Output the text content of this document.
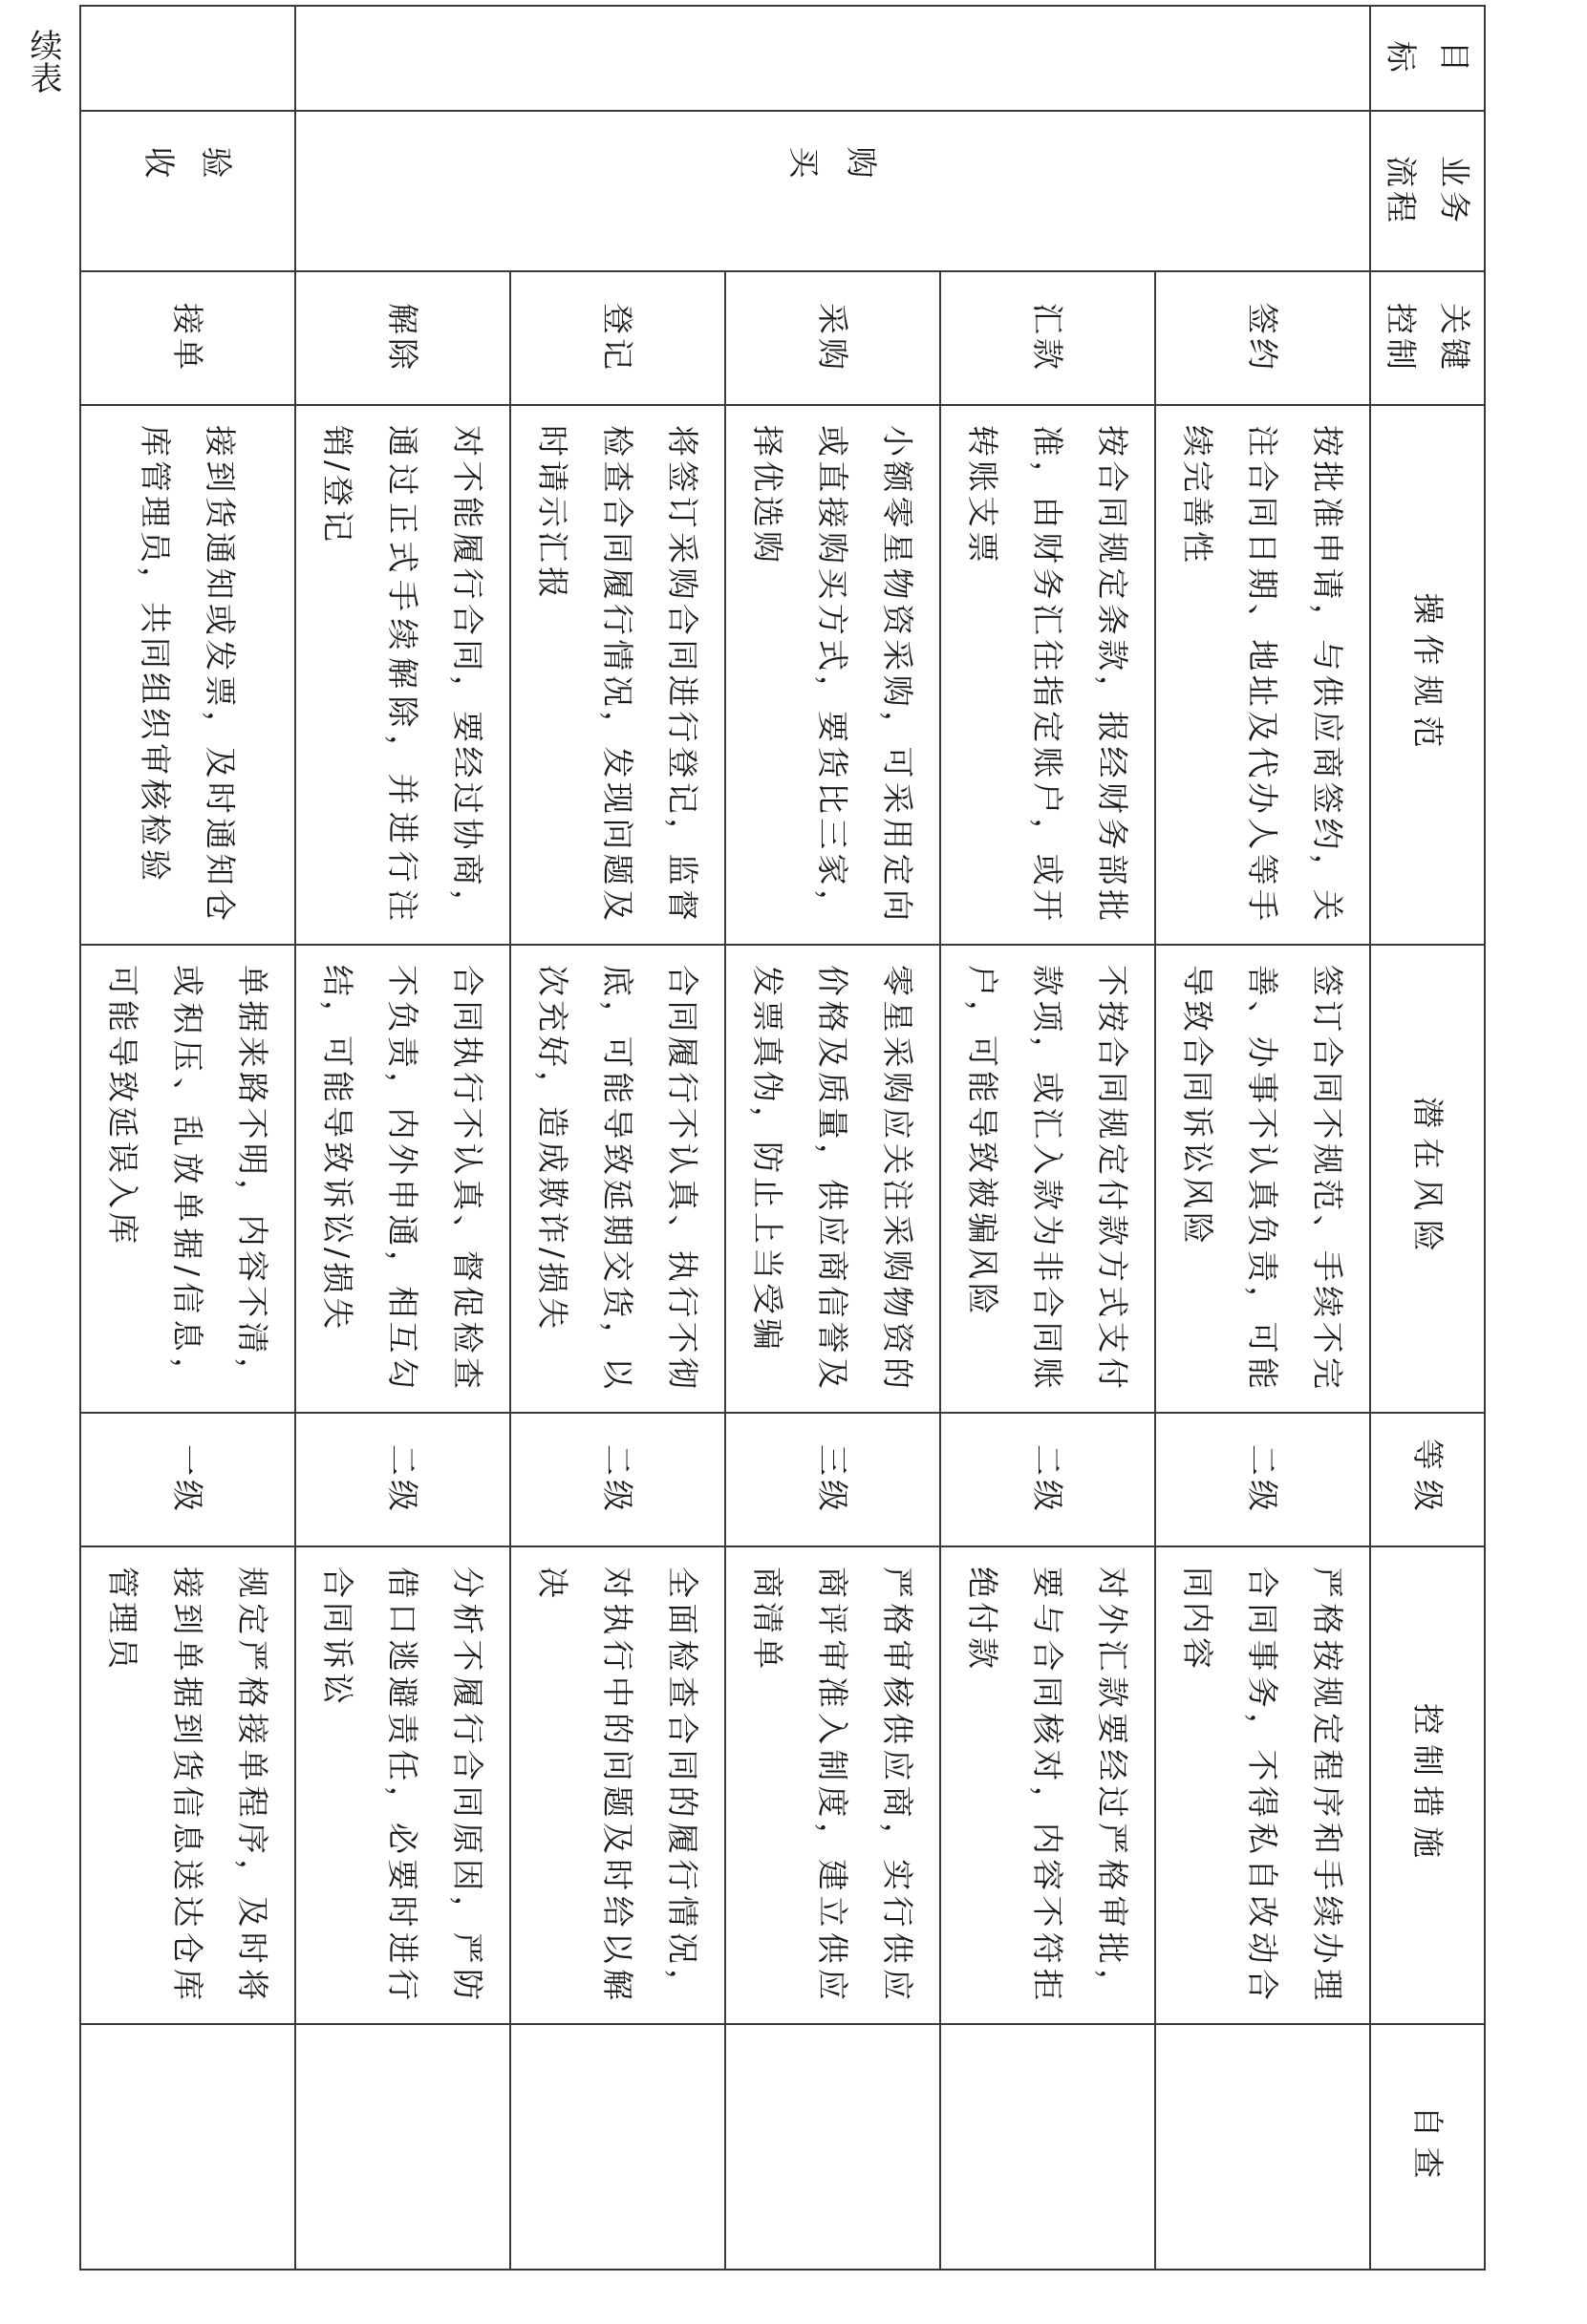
续表	目标	业务流程	关键控制	操作规范	潜在风险	等级	控制措施	自查
	购买	签约	按批准申请，与供应商签约，关注合同日期、地址及代办人等手续完善性	签订合同不规范、手续不完善、办事不认真负责，可能导致合同诉讼风险	二级	严格按规定程序和手续办理合同事务，不得私自改动合同内容	
		汇款	按合同规定条款，报经财务部批准，由财务汇往指定账户，或开转账支票	不按合同规定付款方式支付款项，或汇入款为非合同账户，可能导致被骗风险	二级	对外汇款要经过严格审批，要与合同核对，内容不符拒绝付款	
		采购	小额零星物资采购，可采用定向或直接购买方式，要货比三家，择优选购	零星采购应关注采购物资的价格及质量，供应商信誉及发票真伪，防止上当受骗	三级	严格审核供应商，实行供应商评审准入制度，建立供应商清单	
		登记	将签订采购合同进行登记，监督检查合同履行情况，发现问题及时请示汇报	合同履行不认真、执行不彻底，可能导致延期交货，以次充好，造成欺诈/损失	二级	全面检查合同的履行情况，对执行中的问题及时给以解决	
		解除	对不能履行合同，要经过协商，通过正式手续解除，并进行注销/登记	合同执行不认真、督促检查不负责，内外申通，相互勾结，可能导致诉讼/损失	二级	分析不履行合同原因，严防借口逃避责任，必要时进行合同诉讼	
	验收	接单	接到货通知或发票，及时通知仓库管理员，共同组织审核检验	单据来路不明，内容不清，或积压、乱放单据/信息，可能导致延误入库	一级	规定严格接单程序，及时将接到单据到货信息送达仓库管理员	
